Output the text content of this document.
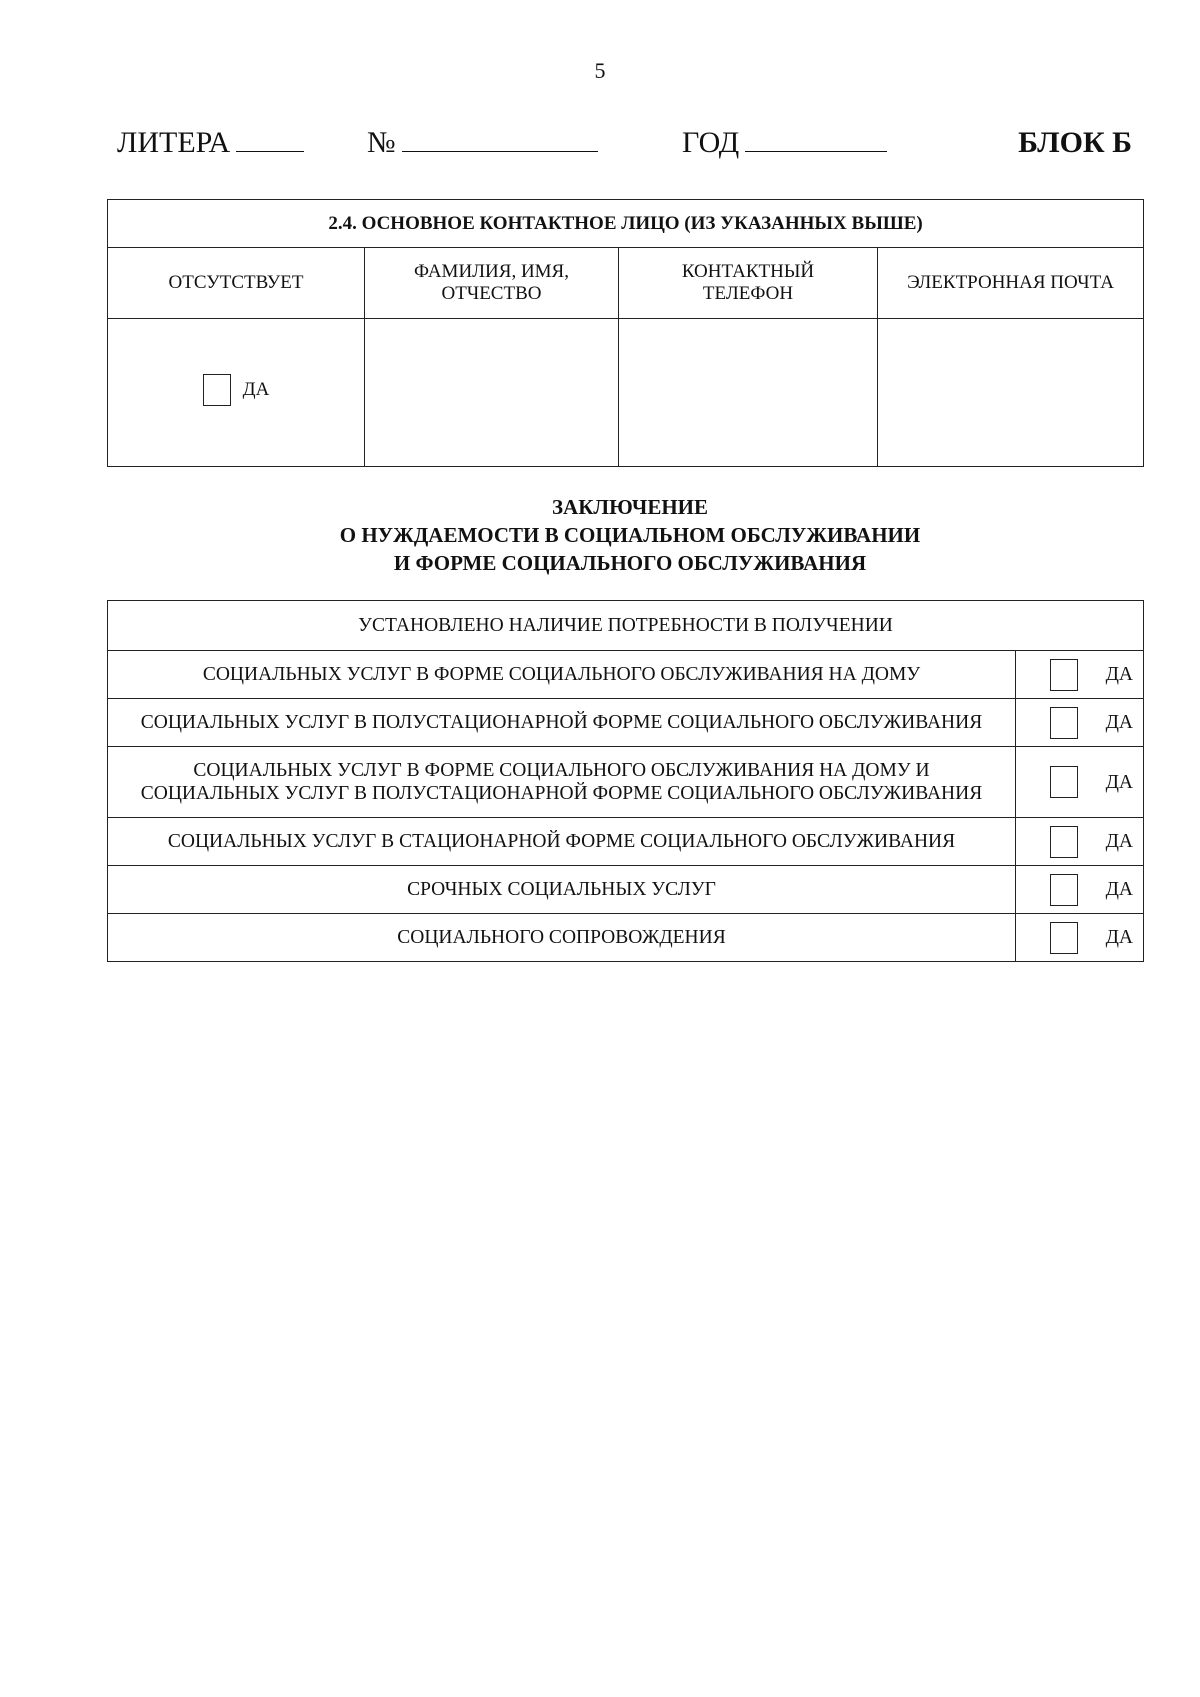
5
ЛИТЕРА	№	ГОД	БЛОК Б
2.4. ОСНОВНОЕ КОНТАКТНОЕ ЛИЦО (ИЗ УКАЗАННЫХ ВЫШЕ)			
ОТСУТСТВУЕТ	ФАМИЛИЯ, ИМЯ, ОТЧЕСТВО	КОНТАКТНЫЙ ТЕЛЕФОН	ЭЛЕКТРОННАЯ ПОЧТА

ДА			

ЗАКЛЮЧЕНИЕ
О НУЖДАЕМОСТИ В СОЦИАЛЬНОМ ОБСЛУЖИВАНИИ
И ФОРМЕ СОЦИАЛЬНОГО ОБСЛУЖИВАНИЯ
УСТАНОВЛЕНО НАЛИЧИЕ ПОТРЕБНОСТИ В ПОЛУЧЕНИИ	
СОЦИАЛЬНЫХ УСЛУГ В ФОРМЕ СОЦИАЛЬНОГО ОБСЛУЖИВАНИЯ НА ДОМУ	ДА

СОЦИАЛЬНЫХ УСЛУГ В ПОЛУСТАЦИОНАРНОЙ ФОРМЕ СОЦИАЛЬНОГО ОБСЛУЖИВАНИЯ	ДА

СОЦИАЛЬНЫХ УСЛУГ В ФОРМЕ СОЦИАЛЬНОГО ОБСЛУЖИВАНИЯ НА ДОМУ И
СОЦИАЛЬНЫХ УСЛУГ В ПОЛУСТАЦИОНАРНОЙ ФОРМЕ СОЦИАЛЬНОГО ОБСЛУЖИВАНИЯ	ДА

СОЦИАЛЬНЫХ УСЛУГ В СТАЦИОНАРНОЙ ФОРМЕ СОЦИАЛЬНОГО ОБСЛУЖИВАНИЯ	ДА

СРОЧНЫХ СОЦИАЛЬНЫХ УСЛУГ	ДА

СОЦИАЛЬНОГО СОПРОВОЖДЕНИЯ	ДА
